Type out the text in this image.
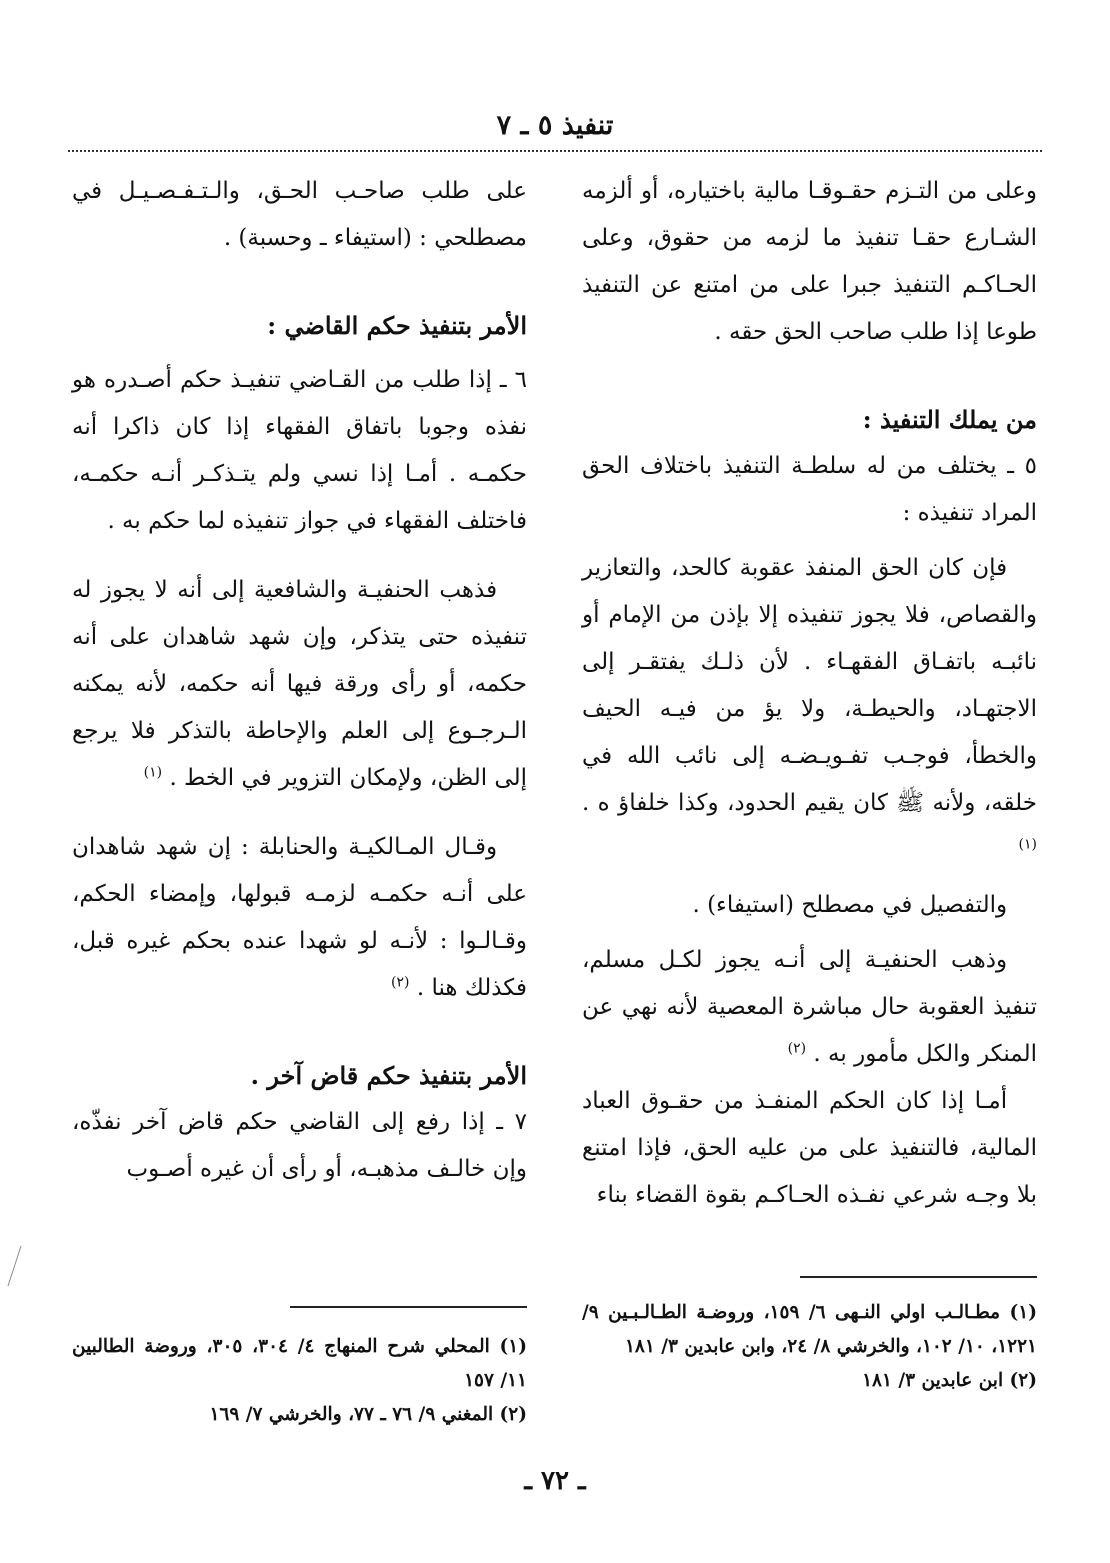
تنفيذ ٥ ـ ٧

وعلى من التـزم حقـوقـا مالية باختياره، أو ألزمه الشـارع حقـا تنفيذ ما لزمه من حقوق، وعلى الحـاكـم التنفيذ جبرا على من امتنع عن التنفيذ طوعا إذا طلب صاحب الحق حقه .

من يملك التنفيذ :

٥ ـ يختلف من له سلطـة التنفيذ باختلاف الحق المراد تنفيذه :

فإن كان الحق المنفذ عقوبة كالحد، والتعازير والقصاص، فلا يجوز تنفيذه إلا بإذن من الإمام أو نائبـه باتفـاق الفقهـاء . لأن ذلـك يفتقـر إلى الاجتهـاد، والحيطـة، ولا يؤ من فيـه الحيف والخطأ، فوجـب تفـويـضـه إلى نائب الله في خلقه، ولأنه ﷺ كان يقيم الحدود، وكذا خلفاؤ ه . $^{(١)}$

والتفصيل في مصطلح (استيفاء) .

وذهب الحنفيـة إلى أنـه يجوز لكـل مسلم، تنفيذ العقوبة حال مباشرة المعصية لأنه نهي عن المنكر والكل مأمور به . $^{(٢)}$

أمـا إذا كان الحكم المنفـذ من حقـوق العباد المالية، فالتنفيذ على من عليه الحق، فإذا امتنع بلا وجـه شرعي نفـذه الحـاكـم بقوة القضاء بناء

على طلب صاحـب الحـق، والـتـفـصـيـل في مصطلحي : (استيفاء ـ وحسبة) .

الأمر بتنفيذ حكم القاضي :

٦ ـ إذا طلب من القـاضي تنفيـذ حكم أصـدره هو نفذه وجوبا باتفاق الفقهاء إذا كان ذاكرا أنه حكمـه . أمـا إذا نسي ولم يتـذكـر أنـه حكمـه، فاختلف الفقهاء في جواز تنفيذه لما حكم به .

فذهب الحنفيـة والشافعية إلى أنه لا يجوز له تنفيذه حتى يتذكر، وإن شهد شاهدان على أنه حكمه، أو رأى ورقة فيها أنه حكمه، لأنه يمكنه الـرجـوع إلى العلم والإحاطة بالتذكر فلا يرجع إلى الظن، ولإمكان التزوير في الخط . $^{(١)}$

وقـال المـالكيـة والحنابلة : إن شهد شاهدان على أنـه حكمـه لزمـه قبولها، وإمضاء الحكم، وقـالـوا : لأنـه لو شهدا عنده بحكم غيره قبل، فكذلك هنا . $^{(٢)}$

الأمر بتنفيذ حكم قاض آخر .

٧ ـ إذا رفع إلى القاضي حكم قاض آخر نفذّه، وإن خالـف مذهبـه، أو رأى أن غيره أصـوب

(١) مطـالـب اولي النـهى ٦/ ١٥٩، وروضـة الطـالـبـين ٩/ ١٢٢١، ١٠/ ١٠٢، والخرشي ٨/ ٢٤، وابن عابدين ٣/ ١٨١

(٢) ابن عابدين ٣/ ١٨١

(١) المحلي شرح المنهاج ٤/ ٣٠٤، ٣٠٥، وروضة الطالبين ١١/ ١٥٧

(٢) المغني ٩/ ٧٦ ـ ٧٧، والخرشي ٧/ ١٦٩

ـ ٧٢ ـ
